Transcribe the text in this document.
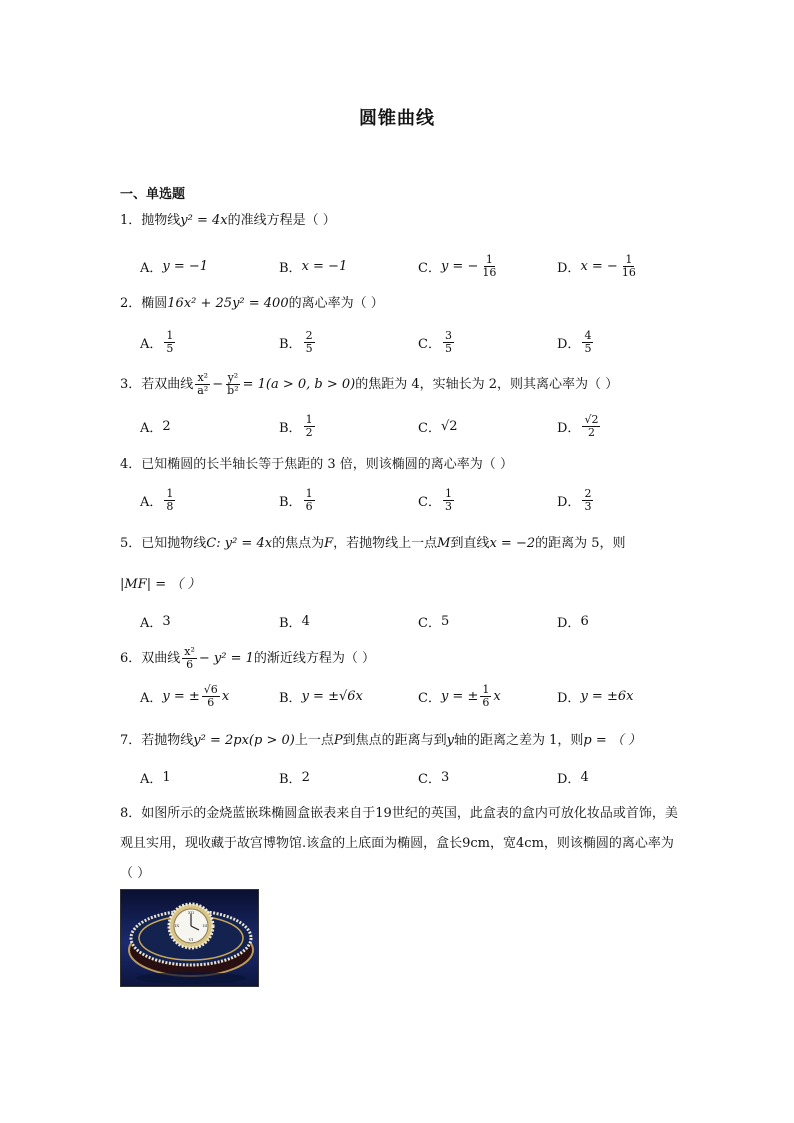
圆锥曲线
一、单选题
1．抛物线y² = 4x的准线方程是（ ）
A． y = −1	B． x = −1	C． y = − $\frac{1}{16}$	D． x = − $\frac{1}{16}$
2．椭圆16x² + 25y² = 400的离心率为（ ）
A． $\frac{1}{5}$	B． $\frac{2}{5}$	C． $\frac{3}{5}$	D． $\frac{4}{5}$
3．若双曲线 $\frac{\text{x²}}{\text{a²}} - \frac{\text{y²}}{\text{b²}} = 1(a > 0$, b > 0) 的焦距为 4，实轴长为 2，则其离心率为（ ）
A． 2	B． $\frac{1}{2}$	C． √2	D． $\frac{√2}{2}$
4．已知椭圆的长半轴长等于焦距的 3 倍，则该椭圆的离心率为（ ）
A． $\frac{1}{8}$	B． $\frac{1}{6}$	C． $\frac{1}{3}$	D． $\frac{2}{3}$
5．已知抛物线C: y² = 4x的焦点为F，若抛物线上一点M到直线x = −2的距离为 5，则
|MF| = （ ）
A． 3	B． 4	C． 5	D． 6
6．双曲线 $\frac{\text{x²}}{6} - y^2 = 1$ 的渐近线方程为（ ）
A． y = ± $\frac{√6}{6}$ x	B． y = ±√6x	C． y = ± $\frac{1}{6}$ x	D． y = ±6x
7．若抛物线y² = 2px(p > 0)上一点P到焦点的距离与到y轴的距离之差为 1，则p = （ ）
A． 1	B． 2	C． 3	D． 4
8．如图所示的金烧蓝嵌珠椭圆盒嵌表来自于19世纪的英国，此盒表的盒内可放化妆品或首饰，美观且实用，现收藏于故宫博物馆.该盒的上底面为椭圆，盒长9cm，宽4cm，则该椭圆的离心率为（ ）
XII
III
VI
IX
